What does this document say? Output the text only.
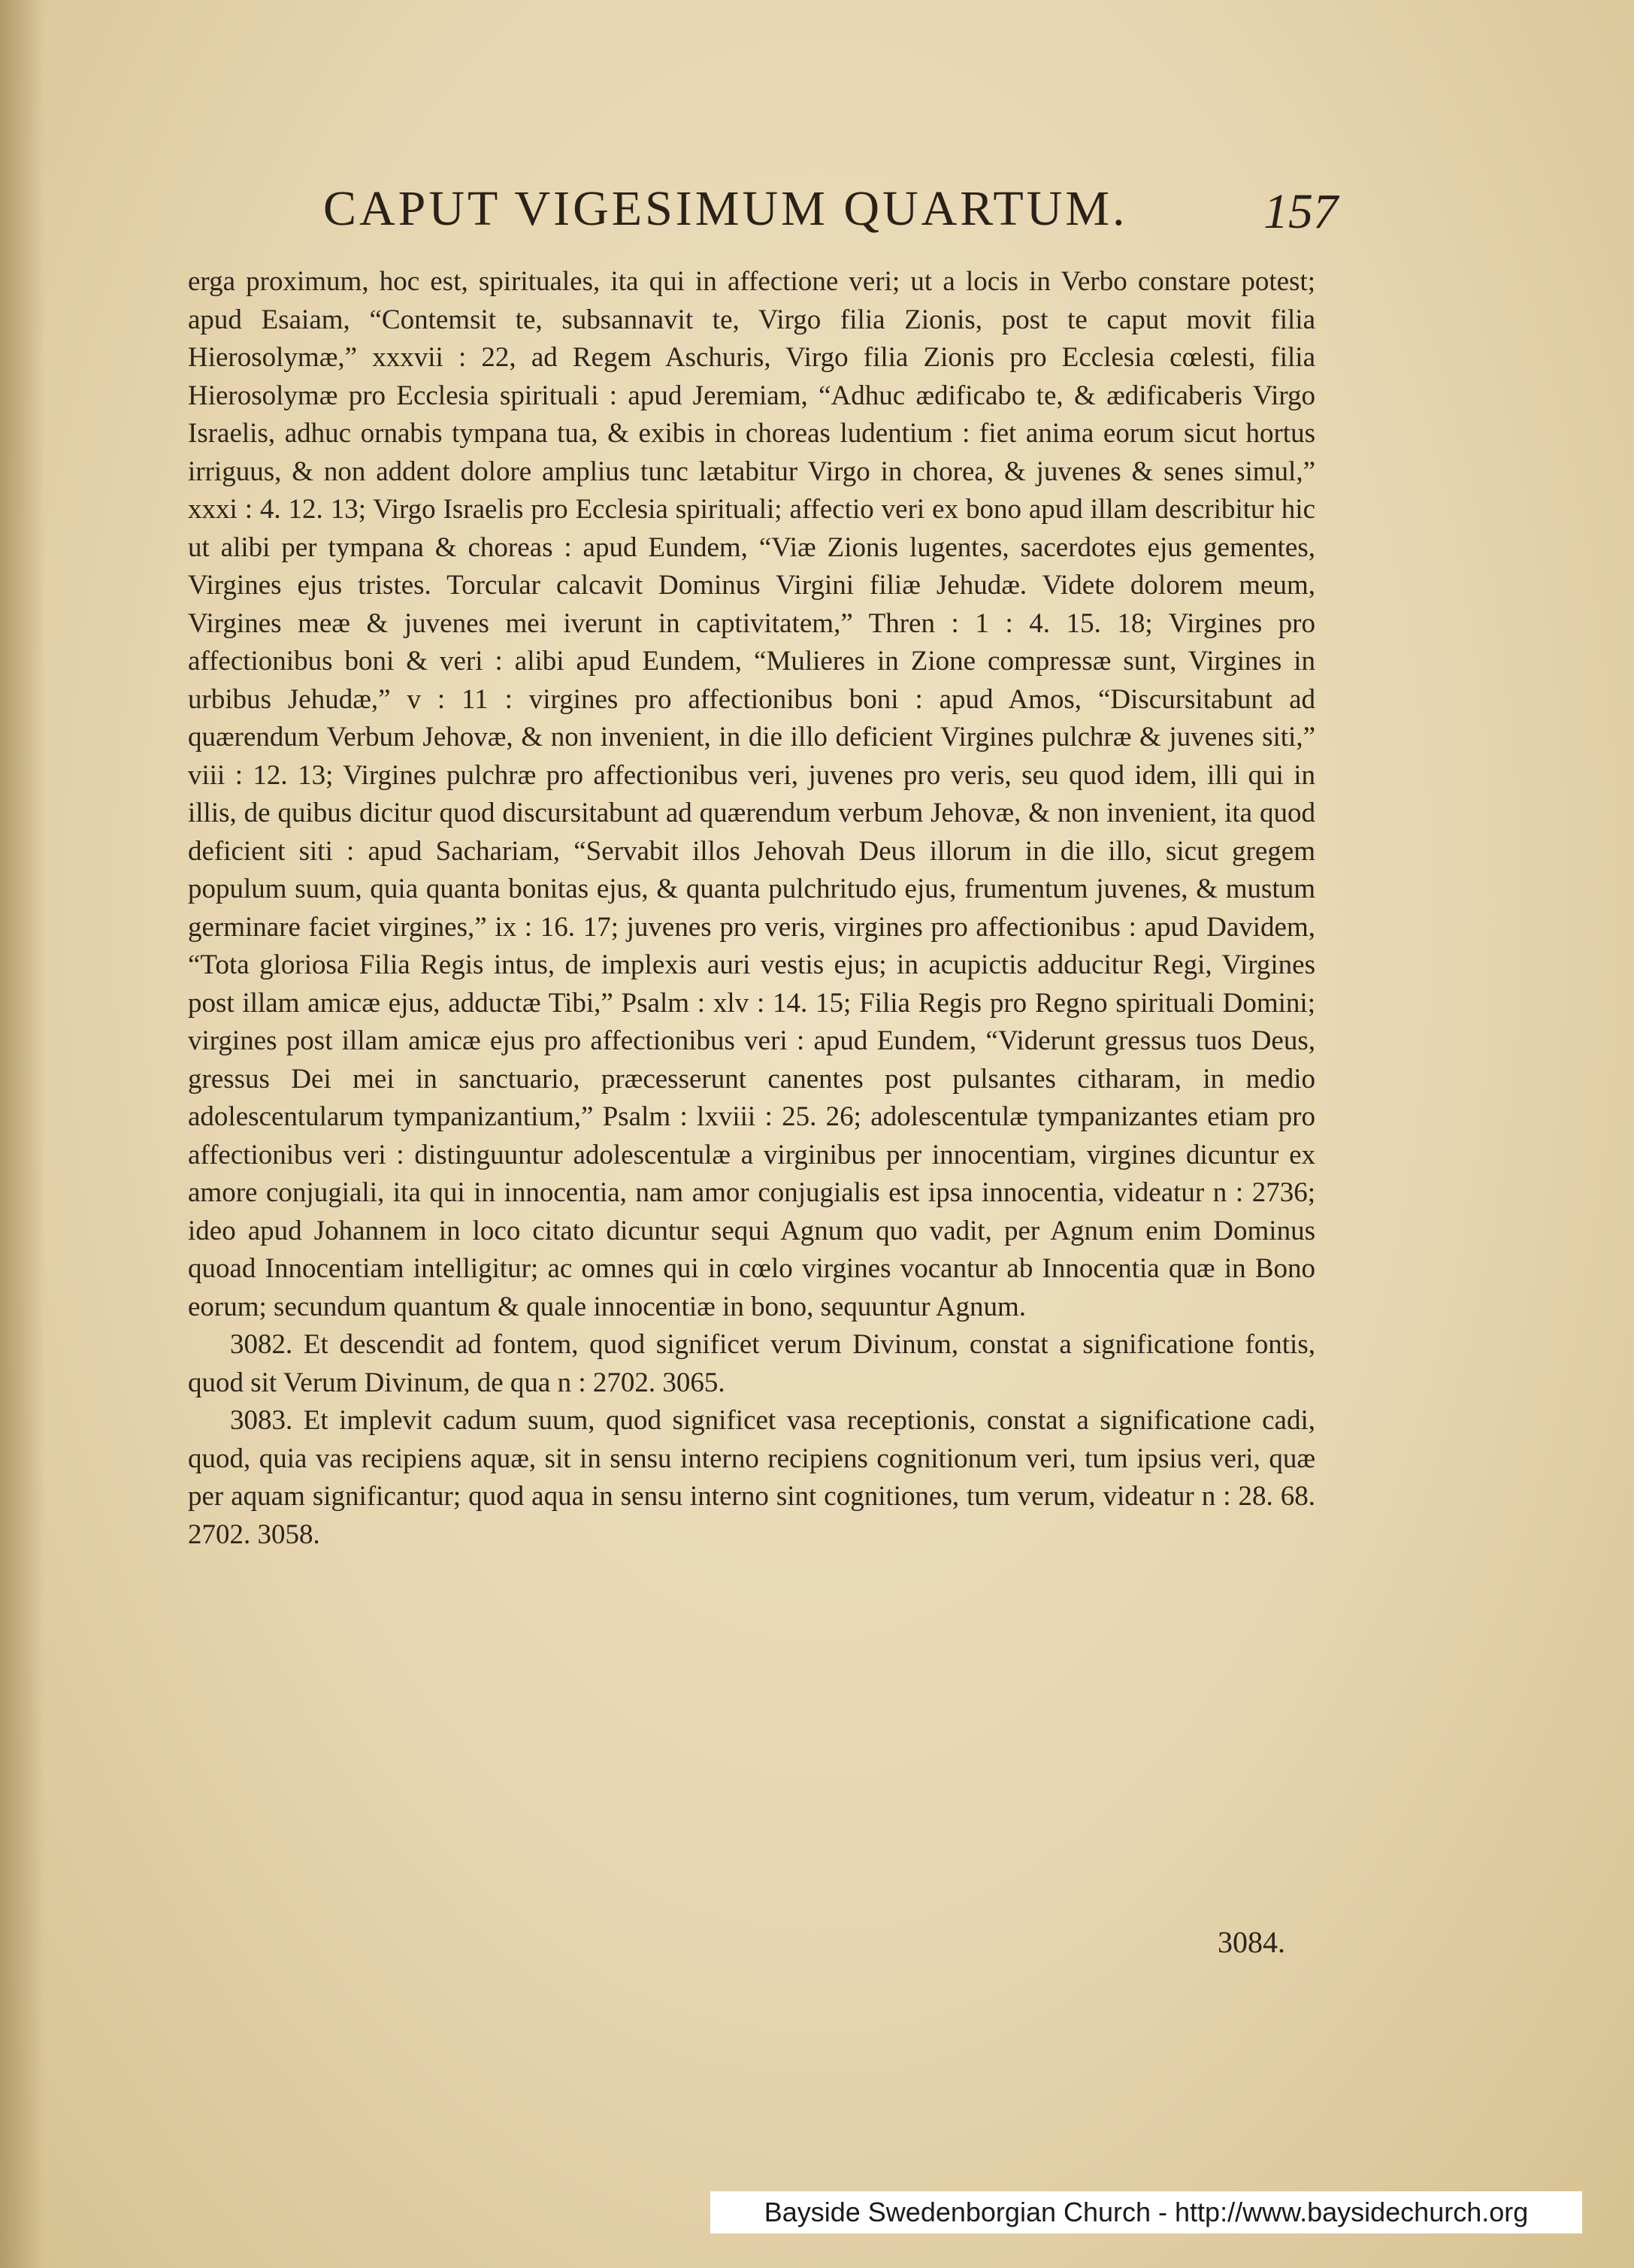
CAPUT VIGESIMUM QUARTUM.	157

erga proximum, hoc est, spirituales, ita qui in affectione veri; ut a locis in Verbo constare potest; apud Esaiam, “Contemsit te, subsannavit te, Virgo filia Zionis, post te caput movit filia Hierosolymæ,” xxxvii : 22, ad Regem Aschuris, Virgo filia Zionis pro Ecclesia cœlesti, filia Hierosolymæ pro Ecclesia spirituali : apud Jeremiam, “Adhuc ædificabo te, & ædificaberis Virgo Israelis, adhuc ornabis tympana tua, & exibis in choreas ludentium : fiet anima eorum sicut hortus irriguus, & non addent dolore amplius tunc lætabitur Virgo in chorea, & juvenes & senes simul,” xxxi : 4. 12. 13; Virgo Israelis pro Ecclesia spirituali; affectio veri ex bono apud illam describitur hic ut alibi per tympana & choreas : apud Eundem, “Viæ Zionis lugentes, sacerdotes ejus gementes, Virgines ejus tristes. Torcular calcavit Dominus Virgini filiæ Jehudæ. Videte dolorem meum, Virgines meæ & juvenes mei iverunt in captivitatem,” Thren : 1 : 4. 15. 18; Virgines pro affectionibus boni & veri : alibi apud Eundem, “Mulieres in Zione compressæ sunt, Virgines in urbibus Jehudæ,” v : 11 : virgines pro affectionibus boni : apud Amos, “Discursitabunt ad quærendum Verbum Jehovæ, & non invenient, in die illo deficient Virgines pulchræ & juvenes siti,” viii : 12. 13; Virgines pulchræ pro affectionibus veri, juvenes pro veris, seu quod idem, illi qui in illis, de quibus dicitur quod discursitabunt ad quærendum verbum Jehovæ, & non invenient, ita quod deficient siti : apud Sachariam, “Servabit illos Jehovah Deus illorum in die illo, sicut gregem populum suum, quia quanta bonitas ejus, & quanta pulchritudo ejus, frumentum juvenes, & mustum germinare faciet virgines,” ix : 16. 17; juvenes pro veris, virgines pro affectionibus : apud Davidem, “Tota gloriosa Filia Regis intus, de implexis auri vestis ejus; in acupictis adducitur Regi, Virgines post illam amicæ ejus, adductæ Tibi,” Psalm : xlv : 14. 15; Filia Regis pro Regno spirituali Domini; virgines post illam amicæ ejus pro affectionibus veri : apud Eundem, “Viderunt gressus tuos Deus, gressus Dei mei in sanctuario, præcesserunt canentes post pulsantes citharam, in medio adolescentularum tympanizantium,” Psalm : lxviii : 25. 26; adolescentulæ tympanizantes etiam pro affectionibus veri : distinguuntur adolescentulæ a virginibus per innocentiam, virgines dicuntur ex amore conjugiali, ita qui in innocentia, nam amor conjugialis est ipsa innocentia, videatur n : 2736; ideo apud Johannem in loco citato dicuntur sequi Agnum quo vadit, per Agnum enim Dominus quoad Innocentiam intelligitur; ac omnes qui in cœlo virgines vocantur ab Innocentia quæ in Bono eorum; secundum quantum & quale innocentiæ in bono, sequuntur Agnum.

3082. Et descendit ad fontem, quod significet verum Divinum, constat a significatione fontis, quod sit Verum Divinum, de qua n : 2702. 3065.

3083. Et implevit cadum suum, quod significet vasa receptionis, constat a significatione cadi, quod, quia vas recipiens aquæ, sit in sensu interno recipiens cognitionum veri, tum ipsius veri, quæ per aquam significantur; quod aqua in sensu interno sint cognitiones, tum verum, videatur n : 28. 68. 2702. 3058.

3084.
Bayside Swedenborgian Church - http://www.baysidechurch.org
